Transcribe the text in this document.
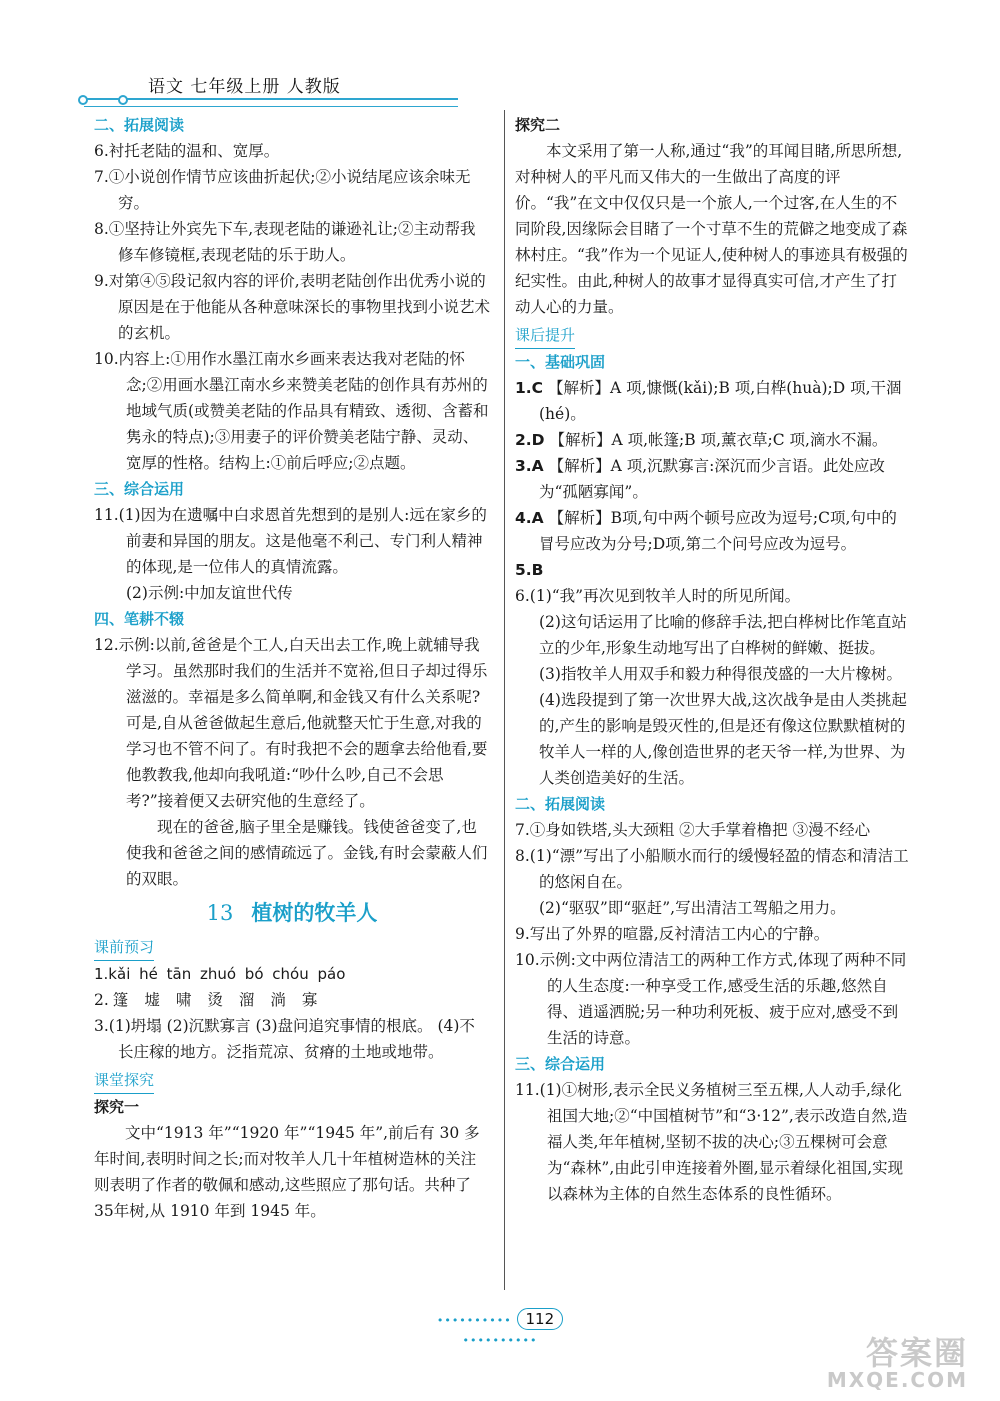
语文 七年级上册 人教版
二、拓展阅读
6.衬托老陆的温和、宽厚。
7.①小说创作情节应该曲折起伏;②小说结尾应该余味无穷。
8.①坚持让外宾先下车,表现老陆的谦逊礼让;②主动帮我修车修镜框,表现老陆的乐于助人。
9.对第④⑤段记叙内容的评价,表明老陆创作出优秀小说的原因是在于他能从各种意味深长的事物里找到小说艺术的玄机。
10.内容上:①用作水墨江南水乡画来表达我对老陆的怀念;②用画水墨江南水乡来赞美老陆的创作具有苏州的地域气质(或赞美老陆的作品具有精致、透彻、含蓄和隽永的特点);③用妻子的评价赞美老陆宁静、灵动、宽厚的性格。结构上:①前后呼应;②点题。
三、综合运用
11.(1)因为在遗嘱中白求恩首先想到的是别人:远在家乡的前妻和异国的朋友。这是他毫不利己、专门利人精神的体现,是一位伟人的真情流露。
(2)示例:中加友谊世代传
四、笔耕不辍
12.示例:以前,爸爸是个工人,白天出去工作,晚上就辅导我学习。虽然那时我们的生活并不宽裕,但日子却过得乐滋滋的。幸福是多么简单啊,和金钱又有什么关系呢?可是,自从爸爸做起生意后,他就整天忙于生意,对我的学习也不管不问了。有时我把不会的题拿去给他看,要他教教我,他却向我吼道:“吵什么吵,自己不会思考?”接着便又去研究他的生意经了。
现在的爸爸,脑子里全是赚钱。钱使爸爸变了,也使我和爸爸之间的感情疏远了。金钱,有时会蒙蔽人们的双眼。
13 植树的牧羊人
课前预习
1.kǎi hé tān zhuó bó chóu páo
2. 篷 墟 啸 烫 溜 淌 寡
3.(1)坍塌 (2)沉默寡言 (3)盘问追究事情的根底。 (4)不长庄稼的地方。泛指荒凉、贫瘠的土地或地带。
课堂探究
探究一
文中“1913 年”“1920 年”“1945 年”,前后有 30 多年时间,表明时间之长;而对牧羊人几十年植树造林的关注则表明了作者的敬佩和感动,这些照应了那句话。共种了35年树,从 1910 年到 1945 年。
探究二
本文采用了第一人称,通过“我”的耳闻目睹,所思所想,对种树人的平凡而又伟大的一生做出了高度的评价。“我”在文中仅仅只是一个旅人,一个过客,在人生的不同阶段,因缘际会目睹了一个寸草不生的荒僻之地变成了森林村庄。“我”作为一个见证人,使种树人的事迹具有极强的纪实性。由此,种树人的故事才显得真实可信,才产生了打动人心的力量。
课后提升
一、基础巩固
1.C 【解析】A 项,慷慨(kǎi);B 项,白桦(huà);D 项,干涸(hé)。
2.D 【解析】A 项,帐篷;B 项,薰衣草;C 项,滴水不漏。
3.A 【解析】A 项,沉默寡言:深沉而少言语。此处应改为“孤陋寡闻”。
4.A 【解析】B项,句中两个顿号应改为逗号;C项,句中的冒号应改为分号;D项,第二个问号应改为逗号。
5.B
6.(1)“我”再次见到牧羊人时的所见所闻。
(2)这句话运用了比喻的修辞手法,把白桦树比作笔直站立的少年,形象生动地写出了白桦树的鲜嫩、挺拔。
(3)指牧羊人用双手和毅力种得很茂盛的一大片橡树。
(4)选段提到了第一次世界大战,这次战争是由人类挑起的,产生的影响是毁灭性的,但是还有像这位默默植树的牧羊人一样的人,像创造世界的老天爷一样,为世界、为人类创造美好的生活。
二、拓展阅读
7.①身如铁塔,头大颈粗 ②大手掌着橹把 ③漫不经心
8.(1)“漂”写出了小船顺水而行的缓慢轻盈的情态和清洁工的悠闲自在。
(2)“驱驭”即“驱赶”,写出清洁工驾船之用力。
9.写出了外界的喧嚣,反衬清洁工内心的宁静。
10.示例:文中两位清洁工的两种工作方式,体现了两种不同的人生态度:一种享受工作,感受生活的乐趣,悠然自得、逍遥洒脱;另一种功利死板、疲于应对,感受不到生活的诗意。
三、综合运用
11.(1)①树形,表示全民义务植树三至五棵,人人动手,绿化祖国大地;②“中国植树节”和“3·12”,表示改造自然,造福人类,年年植树,坚韧不拔的决心;③五棵树可会意为“森林”,由此引申连接着外圈,显示着绿化祖国,实现以森林为主体的自然生态体系的良性循环。
•••••••••• 112 ••••••••••	答案圈
MXQE.COM
